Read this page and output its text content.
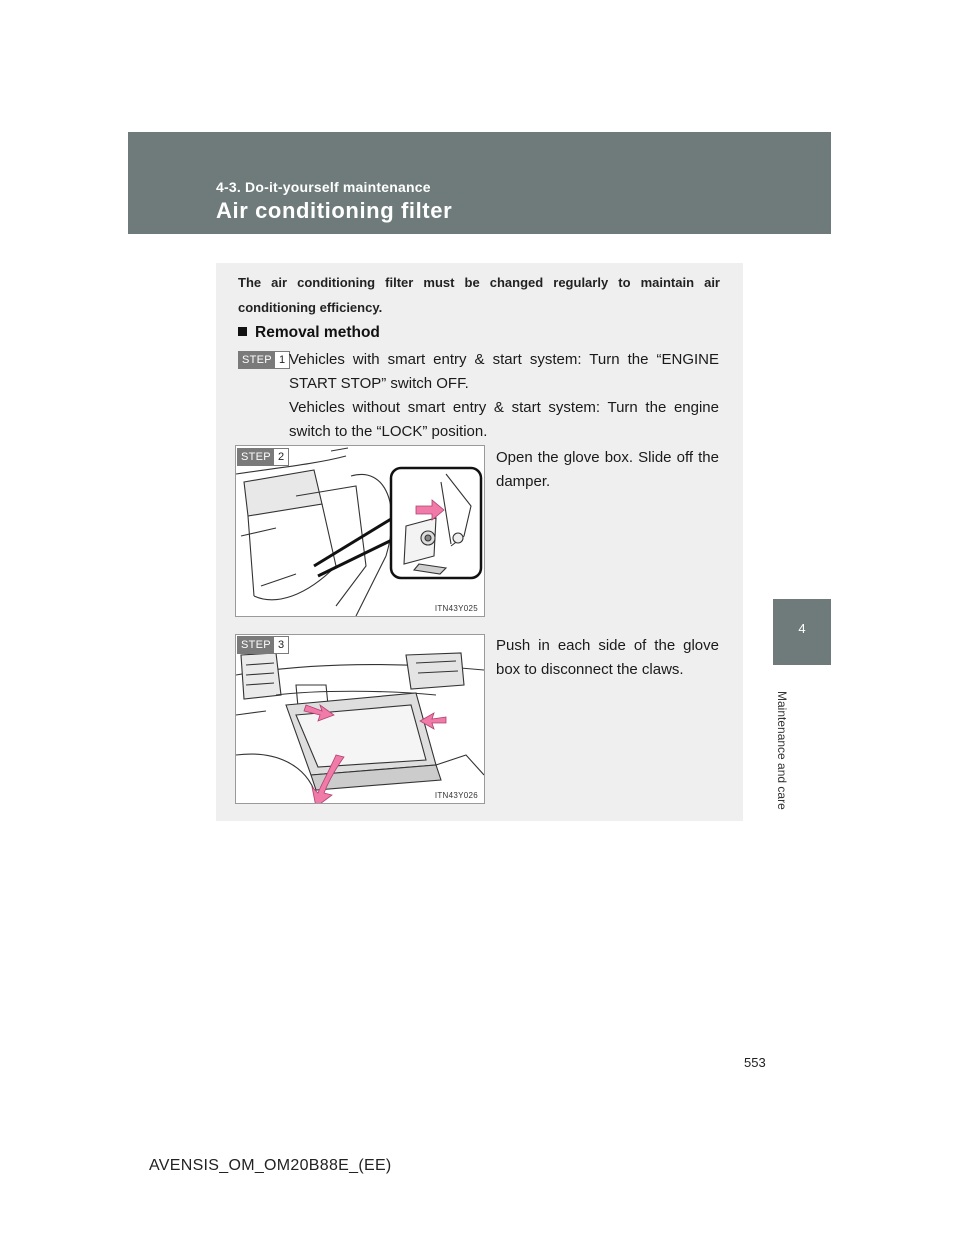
4-3. Do-it-yourself maintenance
Air conditioning filter
4
Maintenance and care
The air conditioning filter must be changed regularly to maintain air conditioning efficiency.
Removal method
STEP 1 Vehicles with smart entry & start system: Turn the “ENGINE START STOP” switch OFF.

Vehicles without smart entry & start system: Turn the engine switch to the “LOCK” position.

ITN43Y025
STEP 2	Open the glove box. Slide off the damper.
ITN43Y026
STEP 3	Push in each side of the glove box to disconnect the claws.
553
AVENSIS_OM_OM20B88E_(EE)
